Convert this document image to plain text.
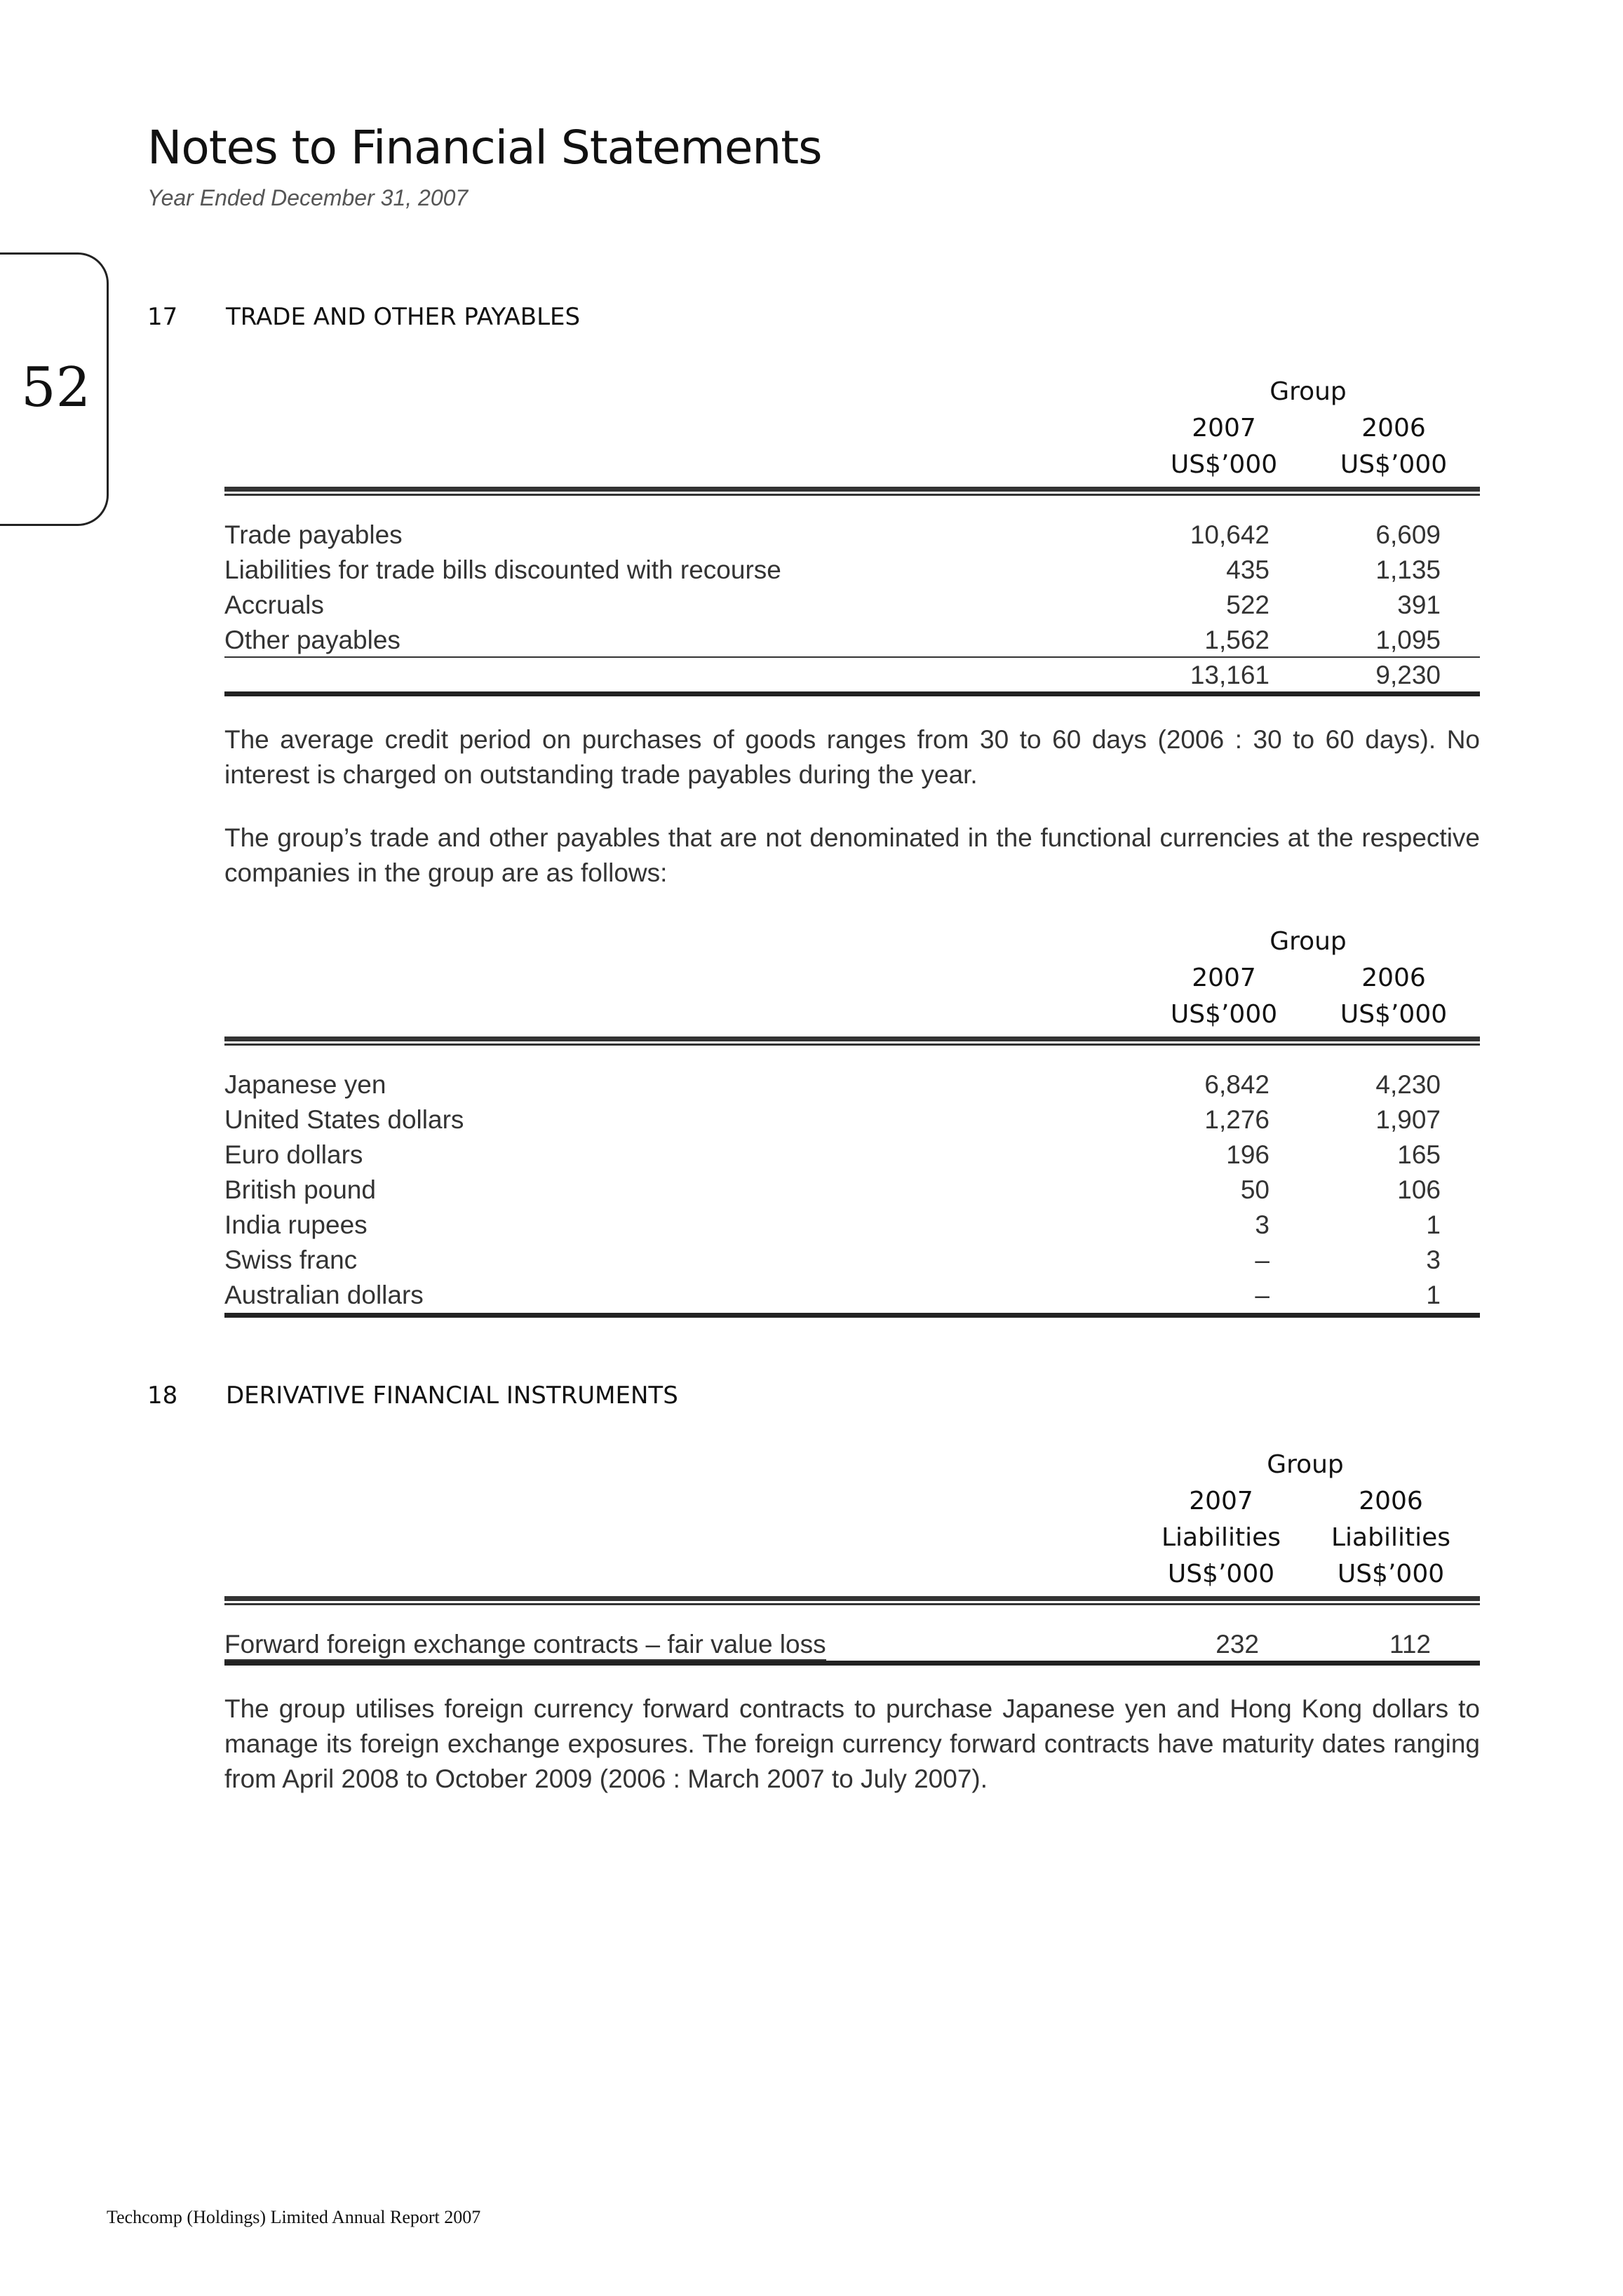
Notes to Financial Statements
Year Ended December 31, 2007
52
17 TRADE AND OTHER PAYABLES
Group
2007	2006
US$’000 US$’000
Trade payables	10,642	6,609
Liabilities for trade bills discounted with recourse	435	1,135
Accruals	522	391
Other payables	1,562	1,095
13,161	9,230
The average credit period on purchases of goods ranges from 30 to 60 days (2006 : 30 to 60 days). No interest is charged on outstanding trade payables during the year.
The group’s trade and other payables that are not denominated in the functional currencies at the respective companies in the group are as follows:
Group
2007	2006
US$’000 US$’000
Japanese yen	6,842	4,230
United States dollars	1,276	1,907
Euro dollars	196	165
British pound	50	106
India rupees	3	1
Swiss franc	–	3
Australian dollars	–	1
18 DERIVATIVE FINANCIAL INSTRUMENTS
Group
2007	2006
Liabilities Liabilities
US$’000 US$’000
Forward foreign exchange contracts – fair value loss	232	112
The group utilises foreign currency forward contracts to purchase Japanese yen and Hong Kong dollars to manage its foreign exchange exposures. The foreign currency forward contracts have maturity dates ranging from April 2008 to October 2009 (2006 : March 2007 to July 2007).
Techcomp (Holdings) Limited Annual Report 2007
